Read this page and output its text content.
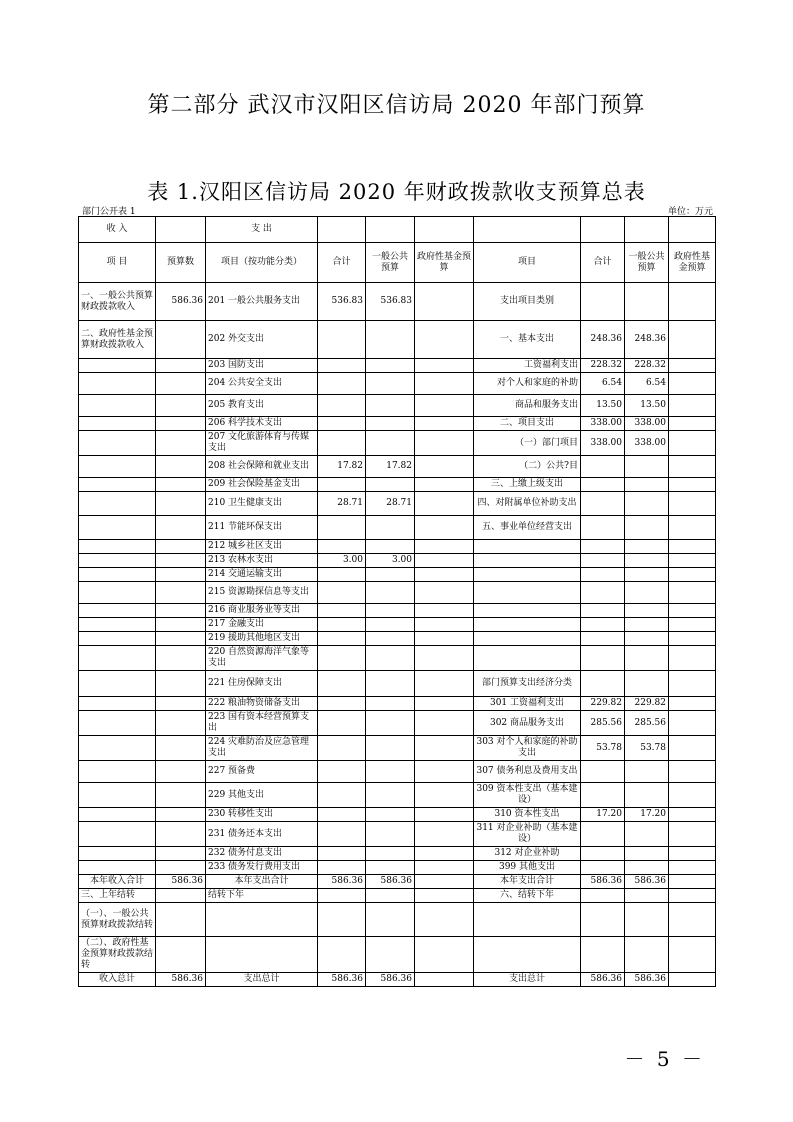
第二部分 武汉市汉阳区信访局 2020 年部门预算
表 1.汉阳区信访局 2020 年财政拨款收支预算总表
部门公开表 1	单位：万元
收 入		支 出							
项 目	预算数	项目（按功能分类）	合计	一般公共预算	政府性基金预算	项目	合计	一般公共预算	政府性基金预算
一、一般公共预算财政拨款收入	586.36	201 一般公共服务支出	536.83	536.83		支出项目类别			
二、政府性基金预算财政拨款收入		202 外交支出				一、基本支出	248.36	248.36	
		203 国防支出				工资福利支出	228.32	228.32	
		204 公共安全支出				对个人和家庭的补助	6.54	6.54	
		205 教育支出				商品和服务支出	13.50	13.50	
		206 科学技术支出				二、项目支出	338.00	338.00	
		207 文化旅游体育与传媒支出				（一）部门项目	338.00	338.00	
		208 社会保障和就业支出	17.82	17.82		（二）公共?目			
		209 社会保险基金支出				三、上缴上级支出			
		210 卫生健康支出	28.71	28.71		四、对附属单位补助支出			
		211 节能环保支出				五、事业单位经营支出			
		212 城乡社区支出							
		213 农林水支出	3.00	3.00					
		214 交通运输支出							
		215 资源勘探信息等支出							
		216 商业服务业等支出							
		217 金融支出							
		219 援助其他地区支出							
		220 自然资源海洋气象等支出							
		221 住房保障支出				部门预算支出经济分类			
		222 粮油物资储备支出				301 工资福利支出	229.82	229.82	
		223 国有资本经营预算支出				302 商品服务支出	285.56	285.56	
		224 灾难防治及应急管理支出				303 对个人和家庭的补助支出	53.78	53.78	
		227 预备费				307 债务利息及费用支出			
		229 其他支出				309 资本性支出（基本建设）			
		230 转移性支出				310 资本性支出	17.20	17.20	
		231 债务还本支出				311 对企业补助（基本建设）			
		232 债务付息支出				312 对企业补助			
		233 债务发行费用支出				399 其他支出			
本年收入合计	586.36	本年支出合计	586.36	586.36		本年支出合计	586.36	586.36	
三、上年结转		结转下年				六、结转下年			
（一）、一般公共预算财政拨款结转									
（二）、政府性基金预算财政拨款结转									
收入总计	586.36	支出总计	586.36	586.36		支出总计	586.36	586.36	
－ 5 －
